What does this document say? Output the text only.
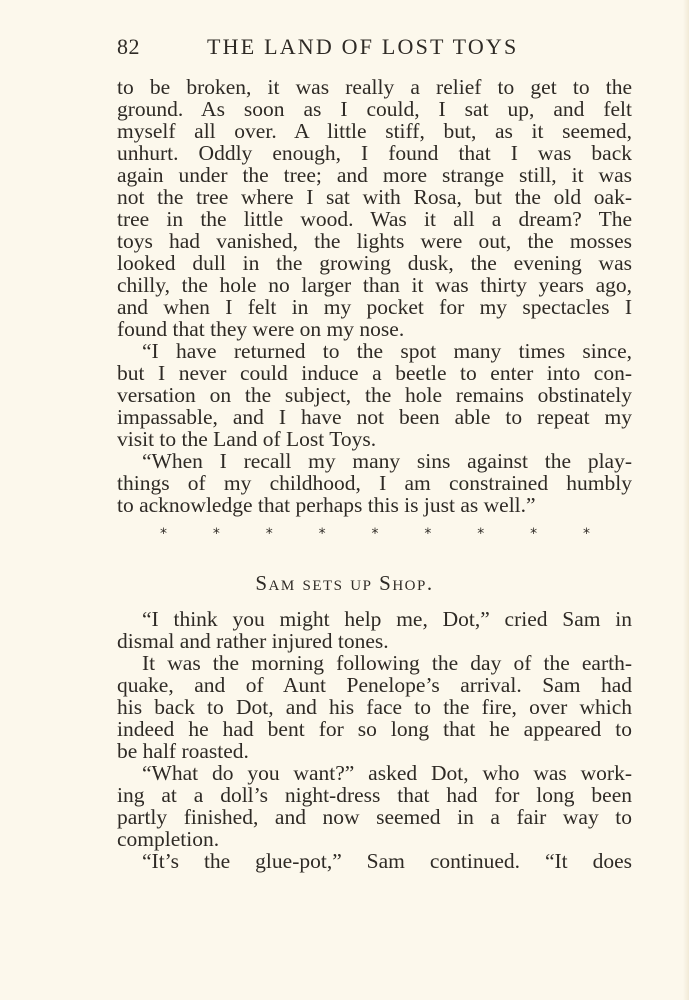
82	THE LAND OF LOST TOYS
to be broken, it was really a relief to get to the
ground. As soon as I could, I sat up, and felt
myself all over. A little stiff, but, as it seemed,
unhurt. Oddly enough, I found that I was back
again under the tree; and more strange still, it was
not the tree where I sat with Rosa, but the old oak-
tree in the little wood. Was it all a dream? The
toys had vanished, the lights were out, the mosses
looked dull in the growing dusk, the evening was
chilly, the hole no larger than it was thirty years ago,
and when I felt in my pocket for my spectacles I
found that they were on my nose.
“I have returned to the spot many times since,
but I never could induce a beetle to enter into con-
versation on the subject, the hole remains obstinately
impassable, and I have not been able to repeat my
visit to the Land of Lost Toys.
“When I recall my many sins against the play-
things of my childhood, I am constrained humbly
to acknowledge that perhaps this is just as well.”
“I think you might help me, Dot,” cried Sam in
dismal and rather injured tones.
It was the morning following the day of the earth-
quake, and of Aunt Penelope’s arrival. Sam had
his back to Dot, and his face to the fire, over which
indeed he had bent for so long that he appeared to
be half roasted.
“What do you want?” asked Dot, who was work-
ing at a doll’s night-dress that had for long been
partly finished, and now seemed in a fair way to
completion.
“It’s the glue-pot,” Sam continued. “It does
*	*	*	*	*	*	*	*	*
Sam sets up Shop.
